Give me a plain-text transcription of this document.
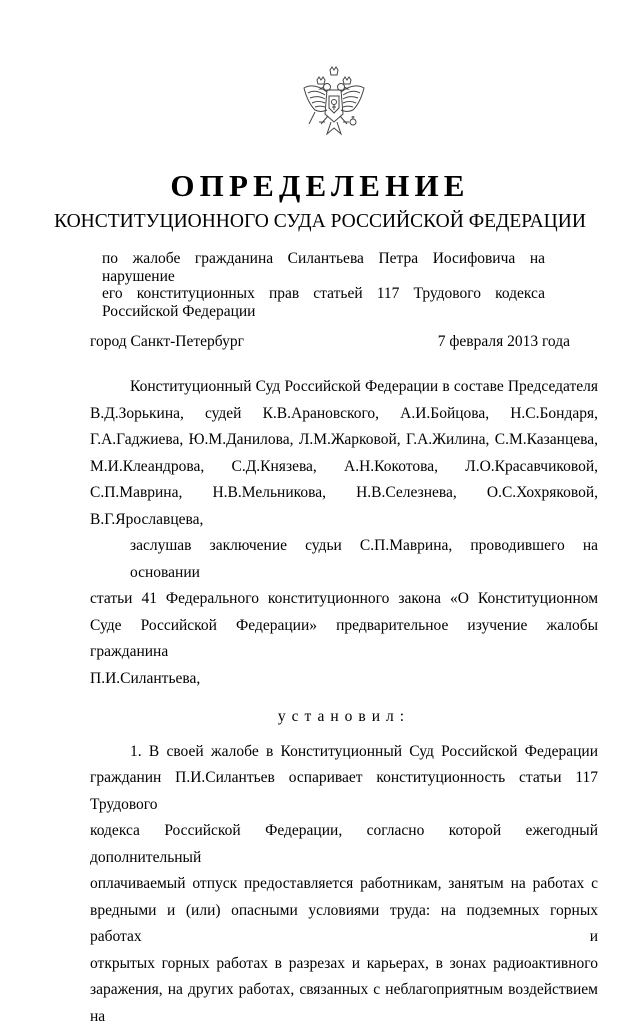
ОПРЕДЕЛЕНИЕ
КОНСТИТУЦИОННОГО СУДА РОССИЙСКОЙ ФЕДЕРАЦИИ
по жалобе гражданина Силантьева Петра Иосифовича на нарушение
его конституционных прав статьей 117 Трудового кодекса
Российской Федерации
город Санкт-Петербург	7 февраля 2013 года
Конституционный Суд Российской Федерации в составе Председателя
В.Д.Зорькина, судей К.В.Арановского, А.И.Бойцова, Н.С.Бондаря,
Г.А.Гаджиева, Ю.М.Данилова, Л.М.Жарковой, Г.А.Жилина, С.М.Казанцева,
М.И.Клеандрова, С.Д.Князева, А.Н.Кокотова, Л.О.Красавчиковой,
С.П.Маврина, Н.В.Мельникова, Н.В.Селезнева, О.С.Хохряковой,
В.Г.Ярославцева,
заслушав заключение судьи С.П.Маврина, проводившего на основании
статьи 41 Федерального конституционного закона «О Конституционном
Суде Российской Федерации» предварительное изучение жалобы гражданина
П.И.Силантьева,
установил:
1. В своей жалобе в Конституционный Суд Российской Федерации
гражданин П.И.Силантьев оспаривает конституционность статьи 117 Трудового
кодекса Российской Федерации, согласно которой ежегодный дополнительный
оплачиваемый отпуск предоставляется работникам, занятым на работах с
вредными и (или) опасными условиями труда: на подземных горных работах и
открытых горных работах в разрезах и карьерах, в зонах радиоактивного
заражения, на других работах, связанных с неблагоприятным воздействием на
